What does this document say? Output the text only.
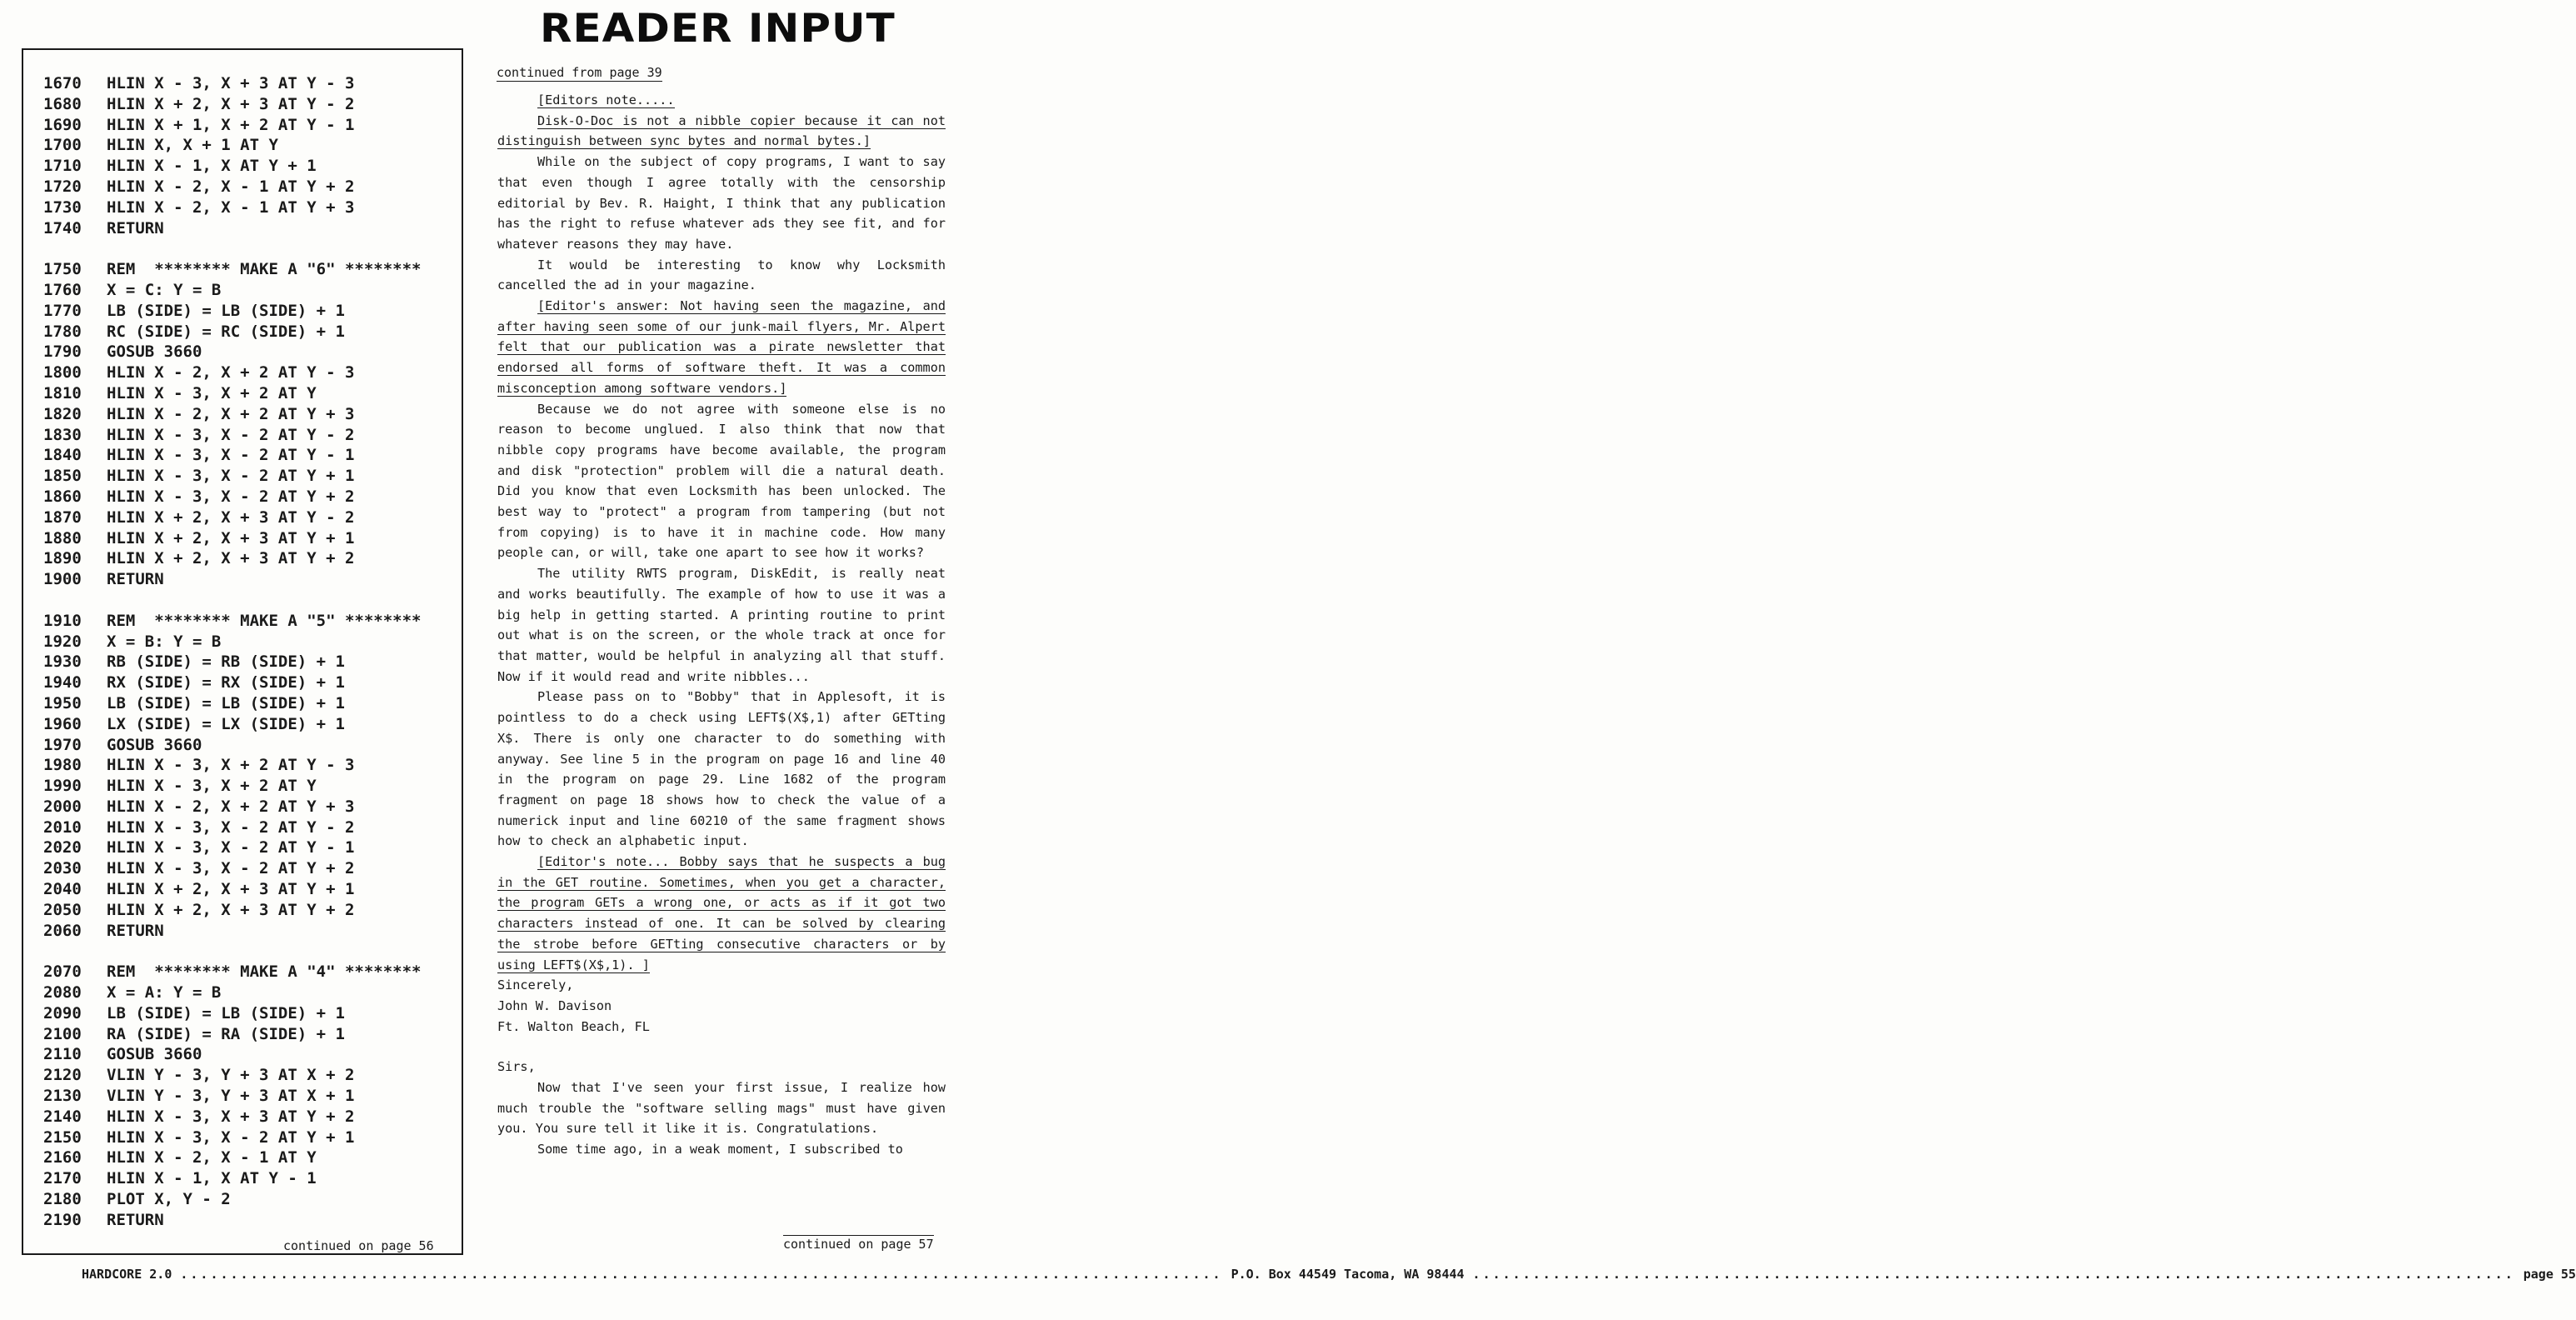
READER INPUT
1670	HLIN X - 3, X + 3 AT Y - 3
1680	HLIN X + 2, X + 3 AT Y - 2
1690	HLIN X + 1, X + 2 AT Y - 1
1700	HLIN X, X + 1 AT Y
1710	HLIN X - 1, X AT Y + 1
1720	HLIN X - 2, X - 1 AT Y + 2
1730	HLIN X - 2, X - 1 AT Y + 3
1740	RETURN
1750	REM  ******** MAKE A "6" ********
1760	X = C: Y = B
1770	LB (SIDE) = LB (SIDE) + 1
1780	RC (SIDE) = RC (SIDE) + 1
1790	GOSUB 3660
1800	HLIN X - 2, X + 2 AT Y - 3
1810	HLIN X - 3, X + 2 AT Y
1820	HLIN X - 2, X + 2 AT Y + 3
1830	HLIN X - 3, X - 2 AT Y - 2
1840	HLIN X - 3, X - 2 AT Y - 1
1850	HLIN X - 3, X - 2 AT Y + 1
1860	HLIN X - 3, X - 2 AT Y + 2
1870	HLIN X + 2, X + 3 AT Y - 2
1880	HLIN X + 2, X + 3 AT Y + 1
1890	HLIN X + 2, X + 3 AT Y + 2
1900	RETURN
1910	REM  ******** MAKE A "5" ********
1920	X = B: Y = B
1930	RB (SIDE) = RB (SIDE) + 1
1940	RX (SIDE) = RX (SIDE) + 1
1950	LB (SIDE) = LB (SIDE) + 1
1960	LX (SIDE) = LX (SIDE) + 1
1970	GOSUB 3660
1980	HLIN X - 3, X + 2 AT Y - 3
1990	HLIN X - 3, X + 2 AT Y
2000	HLIN X - 2, X + 2 AT Y + 3
2010	HLIN X - 3, X - 2 AT Y - 2
2020	HLIN X - 3, X - 2 AT Y - 1
2030	HLIN X - 3, X - 2 AT Y + 2
2040	HLIN X + 2, X + 3 AT Y + 1
2050	HLIN X + 2, X + 3 AT Y + 2
2060	RETURN
2070	REM  ******** MAKE A "4" ********
2080	X = A: Y = B
2090	LB (SIDE) = LB (SIDE) + 1
2100	RA (SIDE) = RA (SIDE) + 1
2110	GOSUB 3660
2120	VLIN Y - 3, Y + 3 AT X + 2
2130	VLIN Y - 3, Y + 3 AT X + 1
2140	HLIN X - 3, X + 3 AT Y + 2
2150	HLIN X - 3, X - 2 AT Y + 1
2160	HLIN X - 2, X - 1 AT Y
2170	HLIN X - 1, X AT Y - 1
2180	PLOT X, Y - 2
2190	RETURN
continued on page 56
continued from page 39

[Editors note.....

Disk-O-Doc is not a nibble copier because it can not distinguish between sync bytes and normal bytes.]

While on the subject of copy programs, I want to say that even though I agree totally with the censorship editorial by Bev. R. Haight, I think that any publication has the right to refuse whatever ads they see fit, and for whatever reasons they may have.

It would be interesting to know why Locksmith cancelled the ad in your magazine.

[Editor's answer: Not having seen the magazine, and after having seen some of our junk-mail flyers, Mr. Alpert felt that our publication was a pirate newsletter that endorsed all forms of software theft. It was a common misconception among software vendors.]

Because we do not agree with someone else is no reason to become unglued. I also think that now that nibble copy programs have become available, the program and disk "protection" problem will die a natural death. Did you know that even Locksmith has been unlocked. The best way to "protect" a program from tampering (but not from copying) is to have it in machine code. How many people can, or will, take one apart to see how it works?

The utility RWTS program, DiskEdit, is really neat and works beautifully. The example of how to use it was a big help in getting started. A printing routine to print out what is on the screen, or the whole track at once for that matter, would be helpful in analyzing all that stuff. Now if it would read and write nibbles...

Please pass on to "Bobby" that in Applesoft, it is pointless to do a check using LEFT$(X$,1) after GETting X$. There is only one character to do something with anyway. See line 5 in the program on page 16 and line 40 in the program on page 29. Line 1682 of the program fragment on page 18 shows how to check the value of a numerick input and line 60210 of the same fragment shows how to check an alphabetic input.

[Editor's note... Bobby says that he suspects a bug in the GET routine. Sometimes, when you get a character, the program GETs a wrong one, or acts as if it got two characters instead of one. It can be solved by clearing the strobe before GETting consecutive characters or by using LEFT$(X$,1). ]

Sincerely,

John W. Davison

Ft. Walton Beach, FL

Sirs,

Now that I've seen your first issue, I realize how much trouble the "software selling mags" must have given you. You sure tell it like it is. Congratulations.

Some time ago, in a weak moment, I subscribed to

continued on page 57
HARDCORE 2.0 ........................................................................................................ P.O. Box 44549 Tacoma, WA 98444 ........................................................................................................ page 55
